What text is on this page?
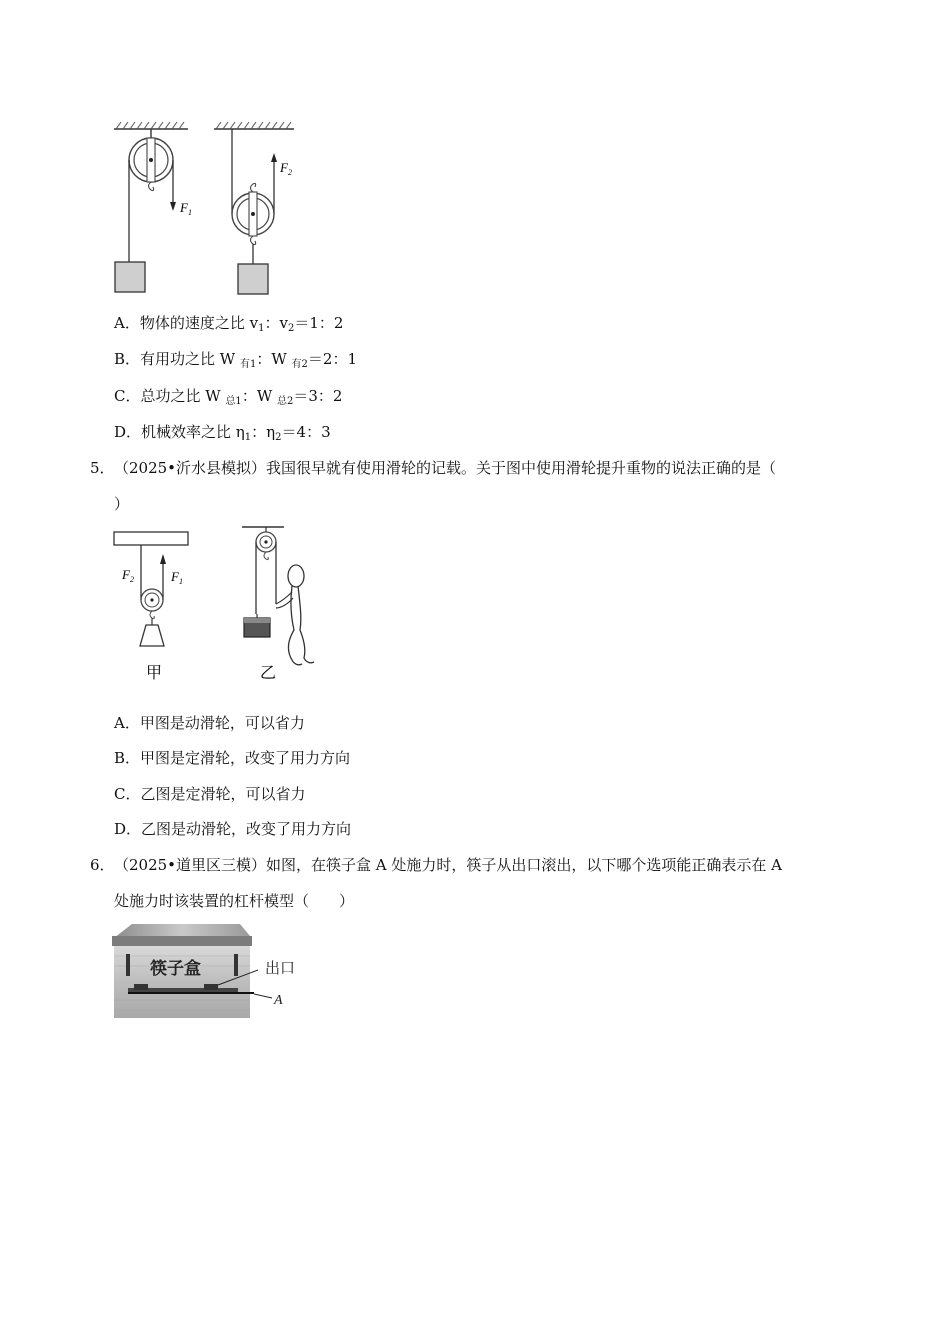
$F_1$
$F_2$
A．物体的速度之比 $v_1$：$v_2=1$：2
B．有用功之比 W $_{有1}$：W $_{有2}$＝2：1
C．总功之比 W $_{总1}$：W $_{总2}$＝3：2
D．机械效率之比 $\eta_1$：$\eta_2=4$：3
5． （2025•沂水县模拟）我国很早就有使用滑轮的记载。关于图中使用滑轮提升重物的说法正确的是（
）
$F_2$	$F_1$
甲	乙
A．甲图是动滑轮，可以省力
B．甲图是定滑轮，改变了用力方向
C．乙图是定滑轮，可以省力
D．乙图是动滑轮，改变了用力方向
6． （2025•道里区三模）如图，在筷子盒 A 处施力时，筷子从出口滚出，以下哪个选项能正确表示在 A
处施力时该装置的杠杆模型（　　）
筷子盒	出口
A
